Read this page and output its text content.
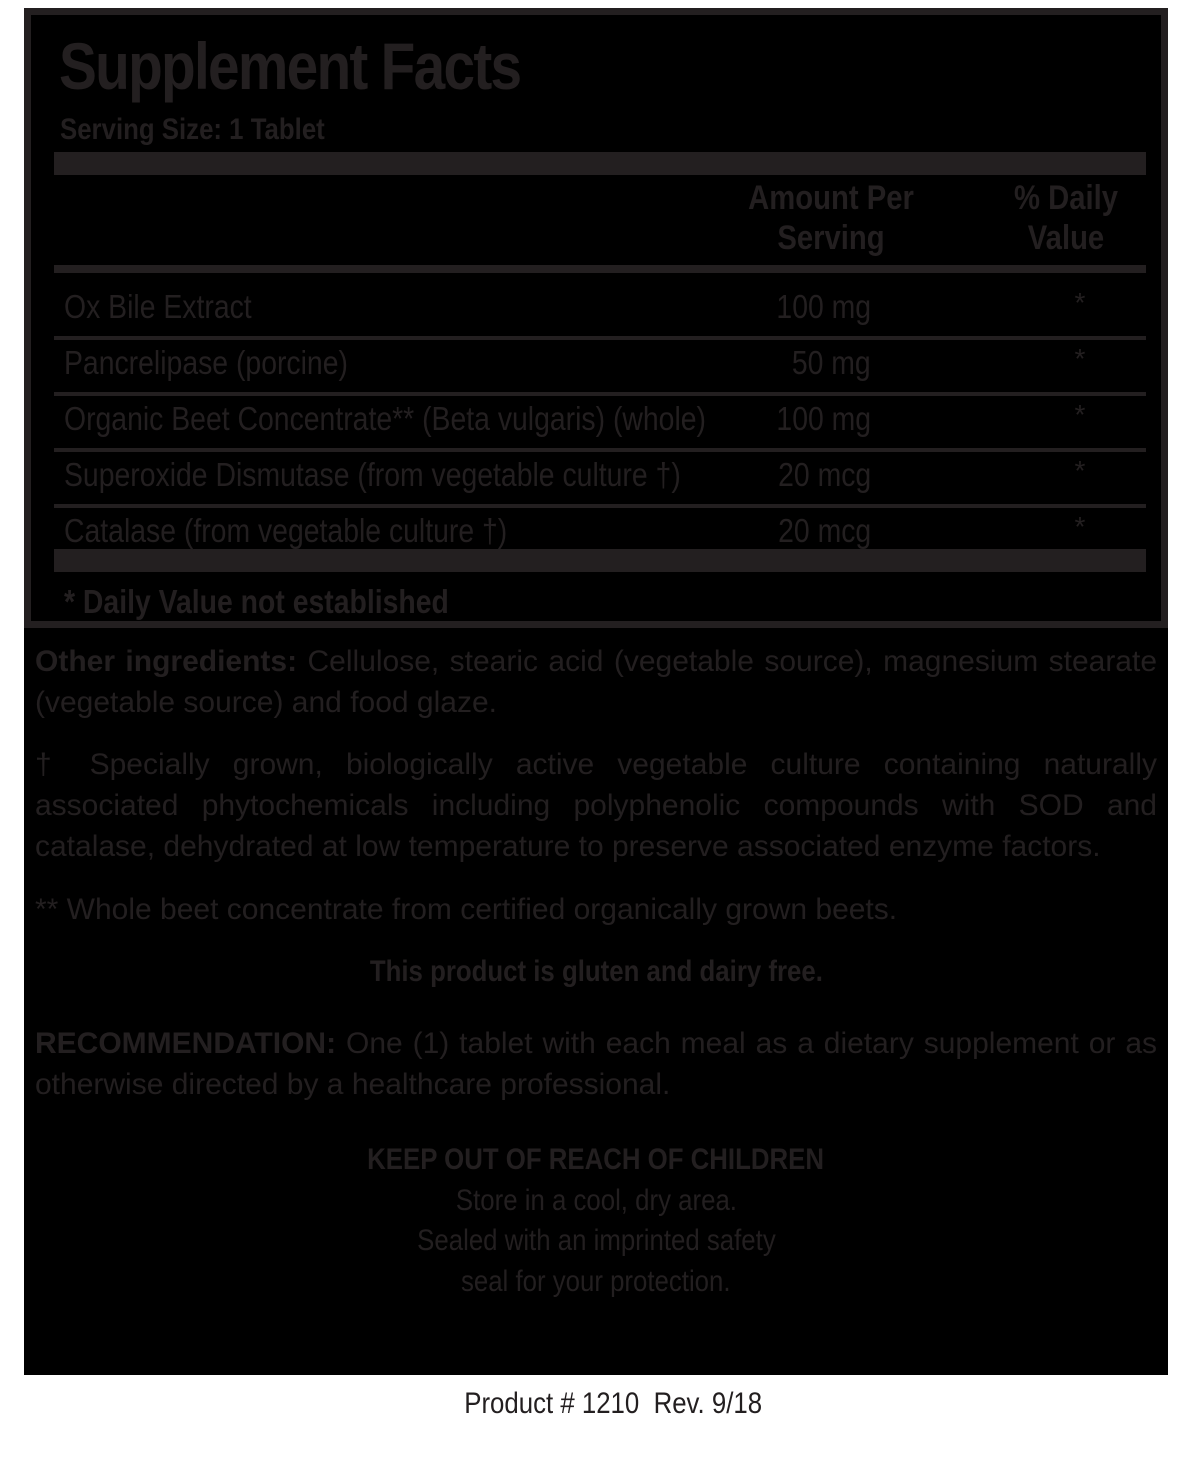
Supplement Facts
Serving Size: 1 Tablet
Amount Per
Serving
% Daily
Value
Ox Bile Extract	100 mg	*
Pancrelipase (porcine)	50 mg	*
Organic Beet Concentrate** (Beta vulgaris) (whole) 100 mg	*
Superoxide Dismutase (from vegetable culture †)	20 mcg	*
Catalase (from vegetable culture †)	20 mcg	*
* Daily Value not established
Other ingredients: Cellulose, stearic acid (vegetable source), magnesium stearate (vegetable source) and food glaze.
† Specially grown, biologically active vegetable culture containing naturally associated phytochemicals including polyphenolic compounds with SOD and catalase, dehydrated at low temperature to preserve associated enzyme factors.
** Whole beet concentrate from certified organically grown beets.
This product is gluten and dairy free.
RECOMMENDATION: One (1) tablet with each meal as a dietary supplement or as otherwise directed by a healthcare professional.
KEEP OUT OF REACH OF CHILDREN
Store in a cool, dry area.
Sealed with an imprinted safety
seal for your protection.

Product # 1210  Rev. 9/18
